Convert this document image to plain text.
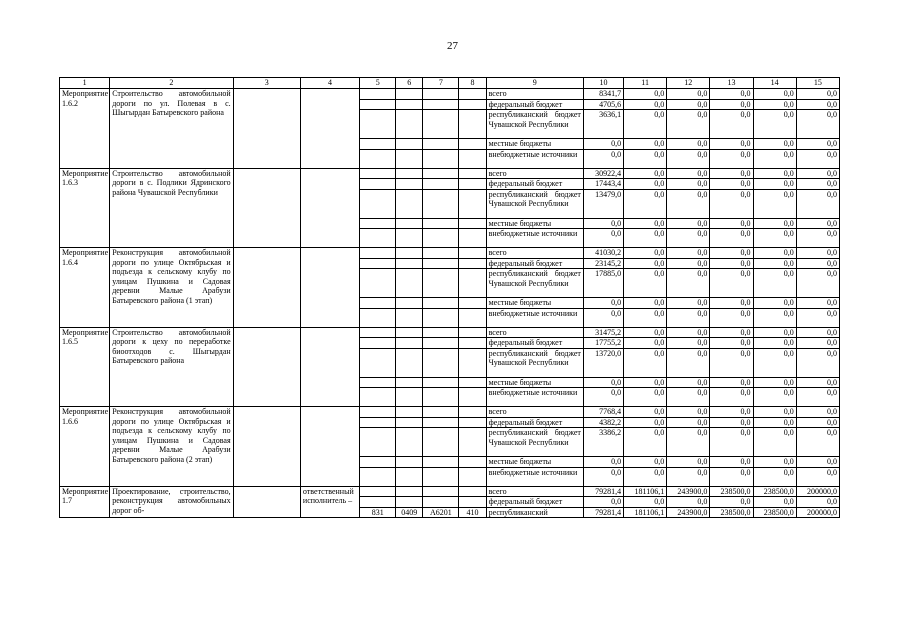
27
1	2	3	4	5	6	7	8	9	10	11	12	13	14	15
Мероприятие 1.6.2	Строительство автомобильной дороги по ул. Полевая в с. Шыгырдан Батыревского района							всего	8341,7	0,0	0,0	0,0	0,0	0,0
								федеральный бюджет	4705,6	0,0	0,0	0,0	0,0	0,0
								республиканский бюджет Чувашской Республики	3636,1	0,0	0,0	0,0	0,0	0,0
								местные бюджеты	0,0	0,0	0,0	0,0	0,0	0,0
								внебюджетные источники	0,0	0,0	0,0	0,0	0,0	0,0
Мероприятие 1.6.3	Строительство автомобильной дороги в с. Подлики Ядринского района Чувашской Республики							всего	30922,4	0,0	0,0	0,0	0,0	0,0
								федеральный бюджет	17443,4	0,0	0,0	0,0	0,0	0,0
								республиканский бюджет Чувашской Республики	13479,0	0,0	0,0	0,0	0,0	0,0
								местные бюджеты	0,0	0,0	0,0	0,0	0,0	0,0
								внебюджетные источники	0,0	0,0	0,0	0,0	0,0	0,0
Мероприятие 1.6.4	Реконструкция автомобильной дороги по улице Октябрьская и подъезда к сельскому клубу по улицам Пушкина и Садовая деревни Малые Арабузи Батыревского района (1 этап)							всего	41030,2	0,0	0,0	0,0	0,0	0,0
								федеральный бюджет	23145,2	0,0	0,0	0,0	0,0	0,0
								республиканский бюджет Чувашской Республики	17885,0	0,0	0,0	0,0	0,0	0,0
								местные бюджеты	0,0	0,0	0,0	0,0	0,0	0,0
								внебюджетные источники	0,0	0,0	0,0	0,0	0,0	0,0
Мероприятие 1.6.5	Строительство автомобильной дороги к цеху по переработке биоотходов с. Шыгырдан Батыревского района							всего	31475,2	0,0	0,0	0,0	0,0	0,0
								федеральный бюджет	17755,2	0,0	0,0	0,0	0,0	0,0
								республиканский бюджет Чувашской Республики	13720,0	0,0	0,0	0,0	0,0	0,0
								местные бюджеты	0,0	0,0	0,0	0,0	0,0	0,0
								внебюджетные источники	0,0	0,0	0,0	0,0	0,0	0,0
Мероприятие 1.6.6	Реконструкция автомобильной дороги по улице Октябрьская и подъезда к сельскому клубу по улицам Пушкина и Садовая деревни Малые Арабузи Батыревского района (2 этап)							всего	7768,4	0,0	0,0	0,0	0,0	0,0
								федеральный бюджет	4382,2	0,0	0,0	0,0	0,0	0,0
								республиканский бюджет Чувашской Республики	3386,2	0,0	0,0	0,0	0,0	0,0
								местные бюджеты	0,0	0,0	0,0	0,0	0,0	0,0
								внебюджетные источники	0,0	0,0	0,0	0,0	0,0	0,0
Мероприятие 1.7	Проектирование, строительство, реконструкция автомобильных дорог об-		ответственный исполнитель –					всего	79281,4	181106,1	243900,0	238500,0	238500,0	200000,0
								федеральный бюджет	0,0	0,0	0,0	0,0	0,0	0,0
				831	0409	А6201	410	республиканский	79281,4	181106,1	243900,0	238500,0	238500,0	200000,0
